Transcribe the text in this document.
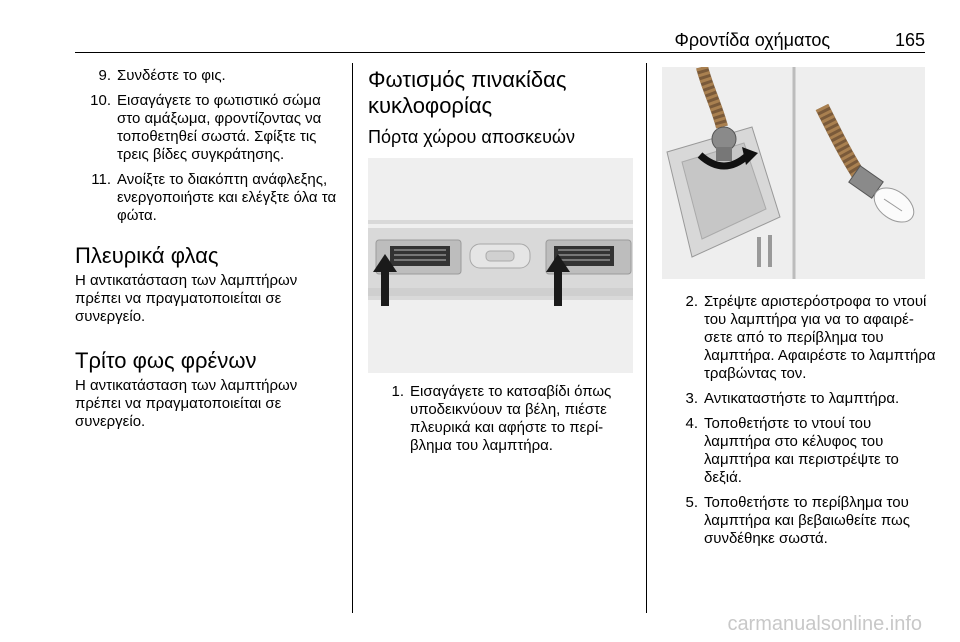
Φροντίδα οχήματος	165
9. Συνδέστε το φις.
10. Εισαγάγετε το φωτιστικό σώμα στο αμάξωμα, φροντίζοντας να τοποθετηθεί σωστά. Σφίξτε τις τρεις βίδες συγκράτησης.
11. Ανοίξτε το διακόπτη ανάφλεξης, ενεργοποιήστε και ελέγξτε όλα τα φώτα.
Πλευρικά φλας

Η αντικατάσταση των λαμπτήρων πρέπει να πραγματοποιείται σε συνεργείο.

Τρίτο φως φρένων

Η αντικατάσταση των λαμπτήρων πρέπει να πραγματοποιείται σε συνεργείο.

Φωτισμός πινακίδας κυκλοφορίας
Πόρτα χώρου αποσκευών
1. Εισαγάγετε το κατσαβίδι όπως υποδεικνύουν τα βέλη, πιέστε πλευρικά και αφήστε το περί-βλημα του λαμπτήρα.
2. Στρέψτε αριστερόστροφα το ντουί του λαμπτήρα για να το αφαιρέ-σετε από το περίβλημα του λαμπτήρα. Αφαιρέστε το λαμπτήρα τραβώντας τον.
3. Αντικαταστήστε το λαμπτήρα.
4. Τοποθετήστε το ντουί του λαμπτήρα στο κέλυφος του λαμπτήρα και περιστρέψτε το δεξιά.
5. Τοποθετήστε το περίβλημα του λαμπτήρα και βεβαιωθείτε πως συνδέθηκε σωστά.
carmanualsonline.info
